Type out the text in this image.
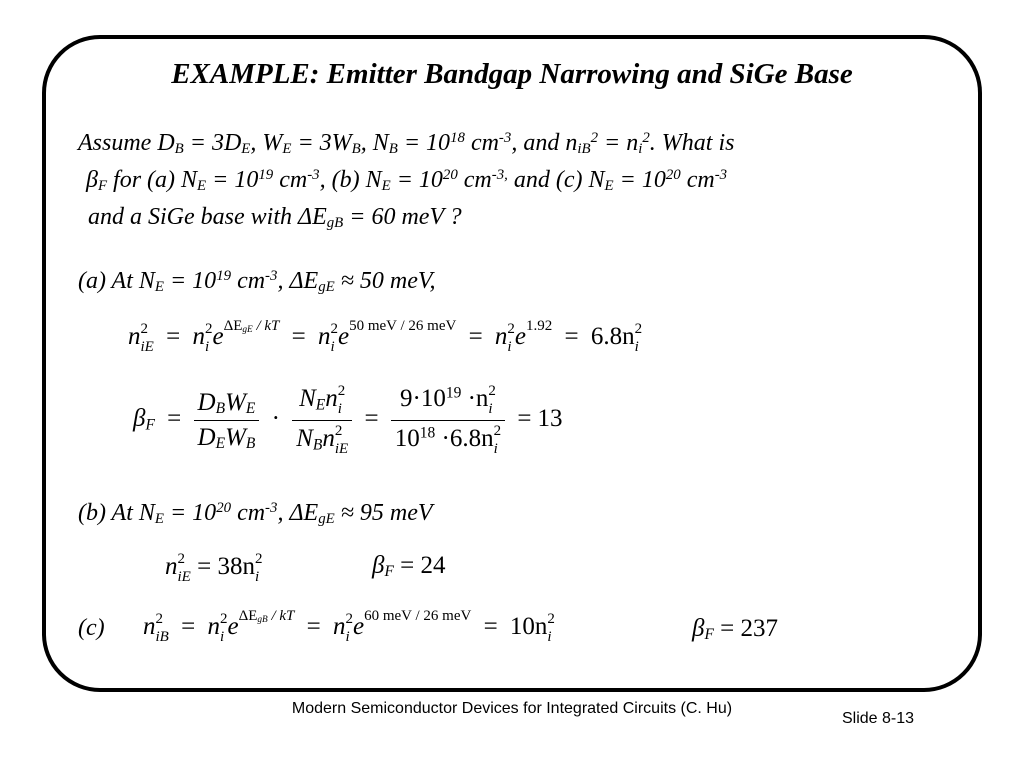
EXAMPLE: Emitter Bandgap Narrowing and SiGe Base
Assume $D_B = 3D_E$, $W_E = 3W_B$, $N_B = 10^{18}$ $cm^{-3}$, and $n_{iB}^2 = n_i^2$. What is
$\beta_F$ for (a) $N_E = 10^{19}$ $cm^{-3}$, (b) $N_E = 10^{20}$ $cm^{-3,}$ and (c) $N_E = 10^{20}$ $cm^{-3}$
and a SiGe base with $\Delta E_{gB} = 60$ meV ?
(a) At $N_E = 10^{19}$ $cm^{-3}$, $\Delta E_{gE} \approx 50$ meV,
n 2
iE = n 2
i $e^{\Delta E_{gE} / kT} = n$ 2
i $e^{50 meV / 26 meV} = n$ 2
i $e^{1.92} = 6.8n$ 2
i
$\beta_F = \frac{D_BW_E}{D_EW_B} \cdot N_En$ 2
i
$N_Bn$ 2
iE = $9\cdot 10^{19} \cdot n$ 2
i
$10^{18} \cdot 6.8n$ 2
i = 13
(b) At $N_E = 10^{20}$ $cm^{-3}$, $\Delta E_{gE} \approx 95$ meV
n 2
iE = 38n 2
i	$\beta_F = 24$
(c) n 2
iB = n 2
i $e^{\Delta E_{gB} / kT} = n$ 2
i $e^{60 meV / 26 meV} = 10n$ 2
i	$\beta_F = 237$
Modern Semiconductor Devices for Integrated Circuits (C. Hu)
Slide 8-13
